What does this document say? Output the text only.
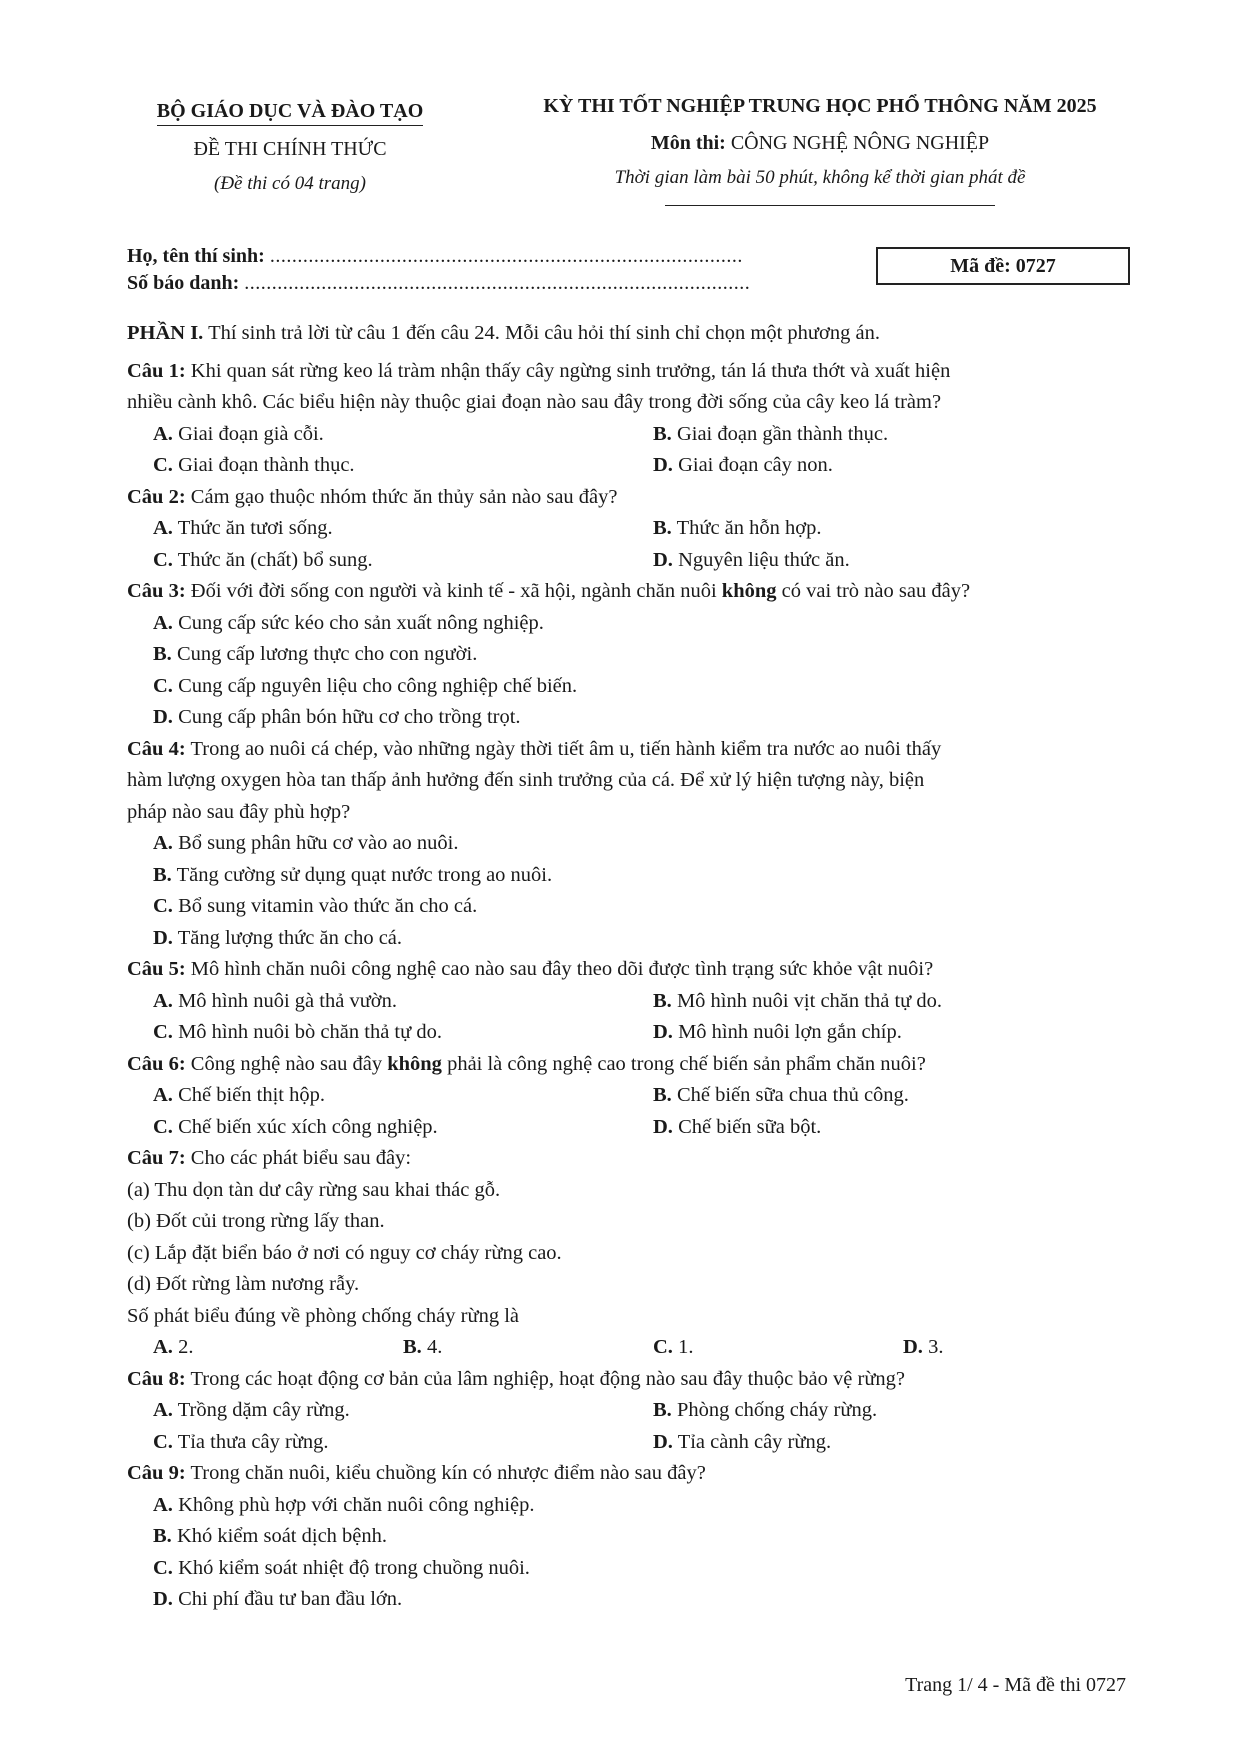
BỘ GIÁO DỤC VÀ ĐÀO TẠO
ĐỀ THI CHÍNH THỨC
(Đề thi có 04 trang)
KỲ THI TỐT NGHIỆP TRUNG HỌC PHỔ THÔNG NĂM 2025
Môn thi: CÔNG NGHỆ NÔNG NGHIỆP
Thời gian làm bài 50 phút, không kể thời gian phát đề
Họ, tên thí sinh: ......................................................................................
Số báo danh: ............................................................................................
Mã đề: 0727
PHẦN I. Thí sinh trả lời từ câu 1 đến câu 24. Mỗi câu hỏi thí sinh chỉ chọn một phương án.
Câu 1: Khi quan sát rừng keo lá tràm nhận thấy cây ngừng sinh trưởng, tán lá thưa thớt và xuất hiện
nhiều cành khô. Các biểu hiện này thuộc giai đoạn nào sau đây trong đời sống của cây keo lá tràm?
A. Giai đoạn già cỗi.	B. Giai đoạn gần thành thục.
C. Giai đoạn thành thục.	D. Giai đoạn cây non.
Câu 2: Cám gạo thuộc nhóm thức ăn thủy sản nào sau đây?
A. Thức ăn tươi sống.	B. Thức ăn hỗn hợp.
C. Thức ăn (chất) bổ sung.	D. Nguyên liệu thức ăn.
Câu 3: Đối với đời sống con người và kinh tế - xã hội, ngành chăn nuôi không có vai trò nào sau đây?
A. Cung cấp sức kéo cho sản xuất nông nghiệp.
B. Cung cấp lương thực cho con người.
C. Cung cấp nguyên liệu cho công nghiệp chế biến.
D. Cung cấp phân bón hữu cơ cho trồng trọt.
Câu 4: Trong ao nuôi cá chép, vào những ngày thời tiết âm u, tiến hành kiểm tra nước ao nuôi thấy
hàm lượng oxygen hòa tan thấp ảnh hưởng đến sinh trưởng của cá. Để xử lý hiện tượng này, biện
pháp nào sau đây phù hợp?
A. Bổ sung phân hữu cơ vào ao nuôi.
B. Tăng cường sử dụng quạt nước trong ao nuôi.
C. Bổ sung vitamin vào thức ăn cho cá.
D. Tăng lượng thức ăn cho cá.
Câu 5: Mô hình chăn nuôi công nghệ cao nào sau đây theo dõi được tình trạng sức khỏe vật nuôi?
A. Mô hình nuôi gà thả vườn.	B. Mô hình nuôi vịt chăn thả tự do.
C. Mô hình nuôi bò chăn thả tự do.	D. Mô hình nuôi lợn gắn chíp.
Câu 6: Công nghệ nào sau đây không phải là công nghệ cao trong chế biến sản phẩm chăn nuôi?
A. Chế biến thịt hộp.	B. Chế biến sữa chua thủ công.
C. Chế biến xúc xích công nghiệp.	D. Chế biến sữa bột.
Câu 7: Cho các phát biểu sau đây:
(a) Thu dọn tàn dư cây rừng sau khai thác gỗ.
(b) Đốt củi trong rừng lấy than.
(c) Lắp đặt biển báo ở nơi có nguy cơ cháy rừng cao.
(d) Đốt rừng làm nương rẫy.
Số phát biểu đúng về phòng chống cháy rừng là
A. 2.	B. 4.	C. 1.	D. 3.
Câu 8: Trong các hoạt động cơ bản của lâm nghiệp, hoạt động nào sau đây thuộc bảo vệ rừng?
A. Trồng dặm cây rừng.	B. Phòng chống cháy rừng.
C. Tỉa thưa cây rừng.	D. Tỉa cành cây rừng.
Câu 9: Trong chăn nuôi, kiểu chuồng kín có nhược điểm nào sau đây?
A. Không phù hợp với chăn nuôi công nghiệp.
B. Khó kiểm soát dịch bệnh.
C. Khó kiểm soát nhiệt độ trong chuồng nuôi.
D. Chi phí đầu tư ban đầu lớn.
Trang 1/ 4 - Mã đề thi 0727
